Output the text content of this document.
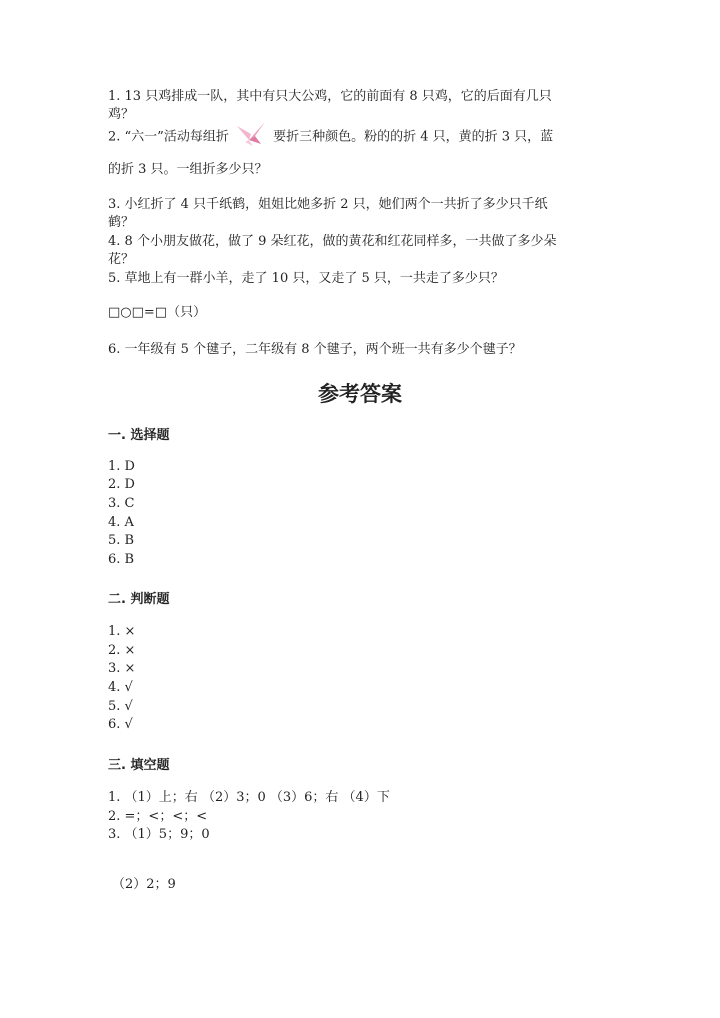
1. 13 只鸡排成一队，其中有只大公鸡，它的前面有 8 只鸡，它的后面有几只
鸡？
2. “六一”活动每组折	要折三种颜色。粉的的折 4 只，黄的折 3 只，蓝
的折 3 只。一组折多少只？
3. 小红折了 4 只千纸鹤，姐姐比她多折 2 只，她们两个一共折了多少只千纸
鹤？
4. 8 个小朋友做花，做了 9 朵红花，做的黄花和红花同样多，一共做了多少朵
花？
5. 草地上有一群小羊，走了 10 只，又走了 5 只，一共走了多少只？
□○□=□（只）
6. 一年级有 5 个毽子，二年级有 8 个毽子，两个班一共有多少个毽子？
参考答案
一. 选择题
1. D
2. D
3. C
4. A
5. B
6. B
二. 判断题
1. ×
2. ×
3. ×
4. √
5. √
6. √
三. 填空题
1. （1）上；右 （2）3；0 （3）6；右 （4）下
2. =；<；<；<
3. （1）5；9；0
（2）2；9
